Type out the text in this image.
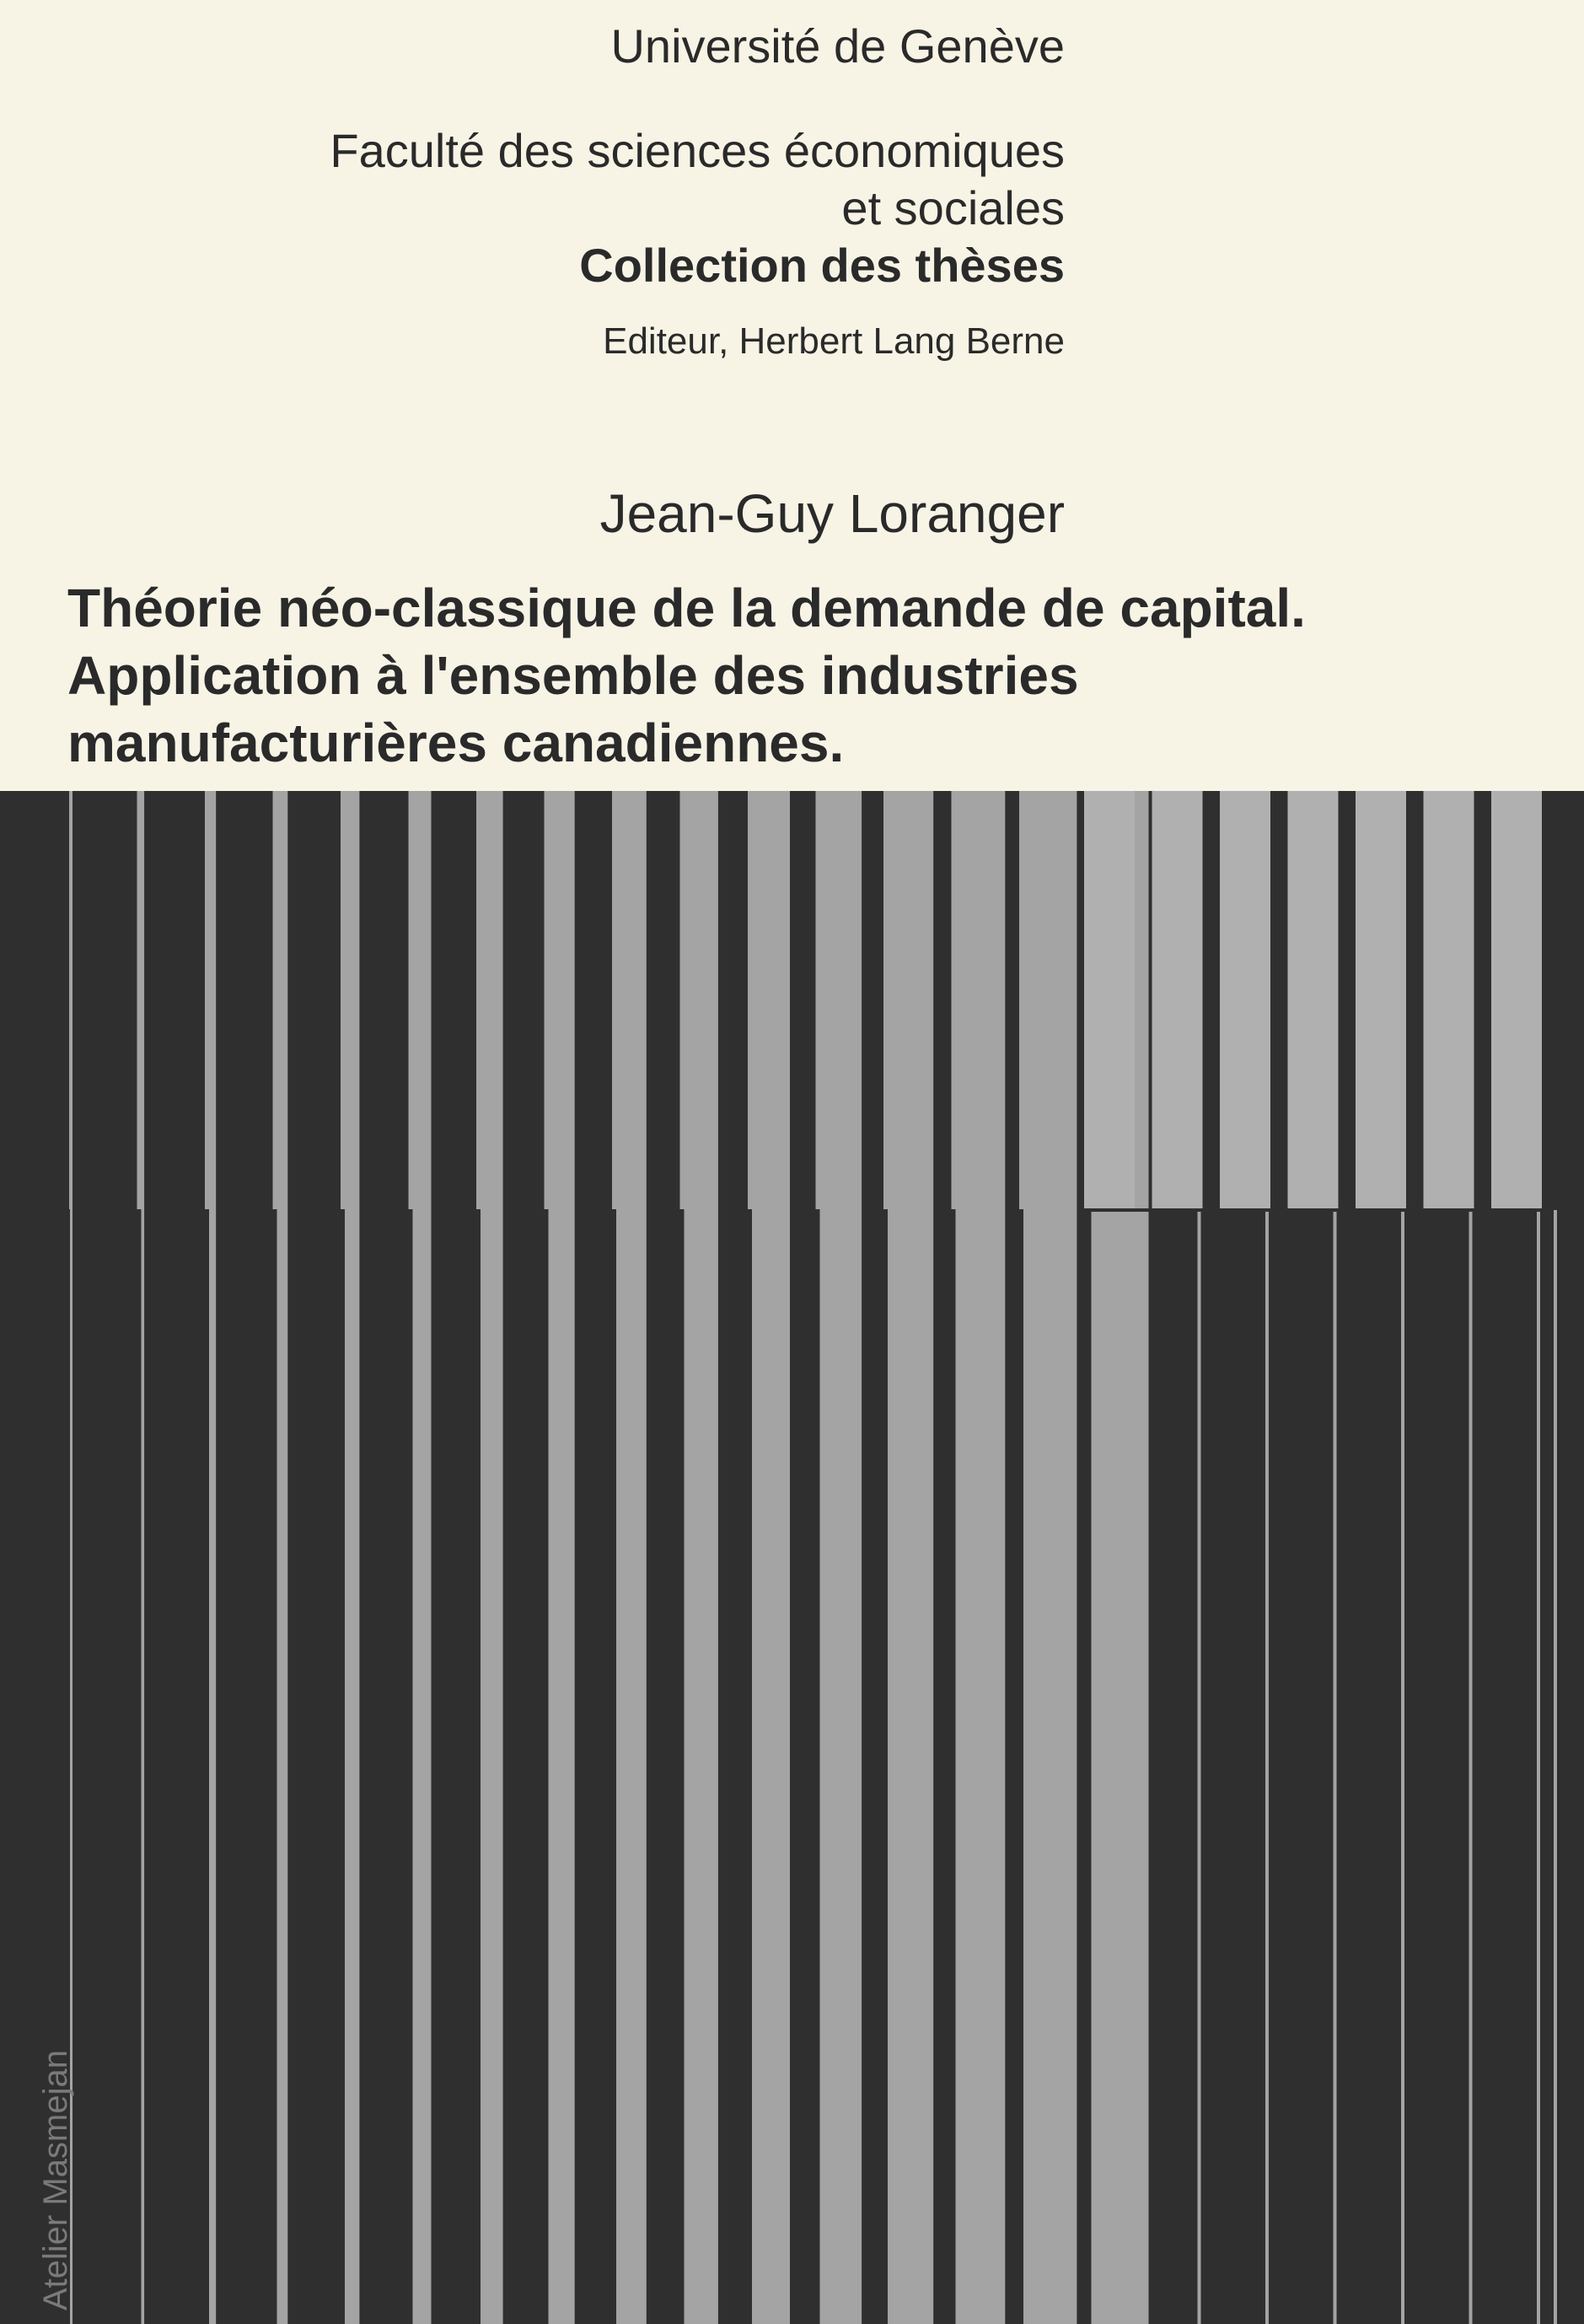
Université de Genève
Faculté des sciences économiques
et sociales
Collection des thèses
Editeur, Herbert Lang Berne
Jean-Guy Loranger
Théorie néo-classique de la demande de capital.
Application à l'ensemble des industries
manufacturières canadiennes.
Atelier Masmejan
